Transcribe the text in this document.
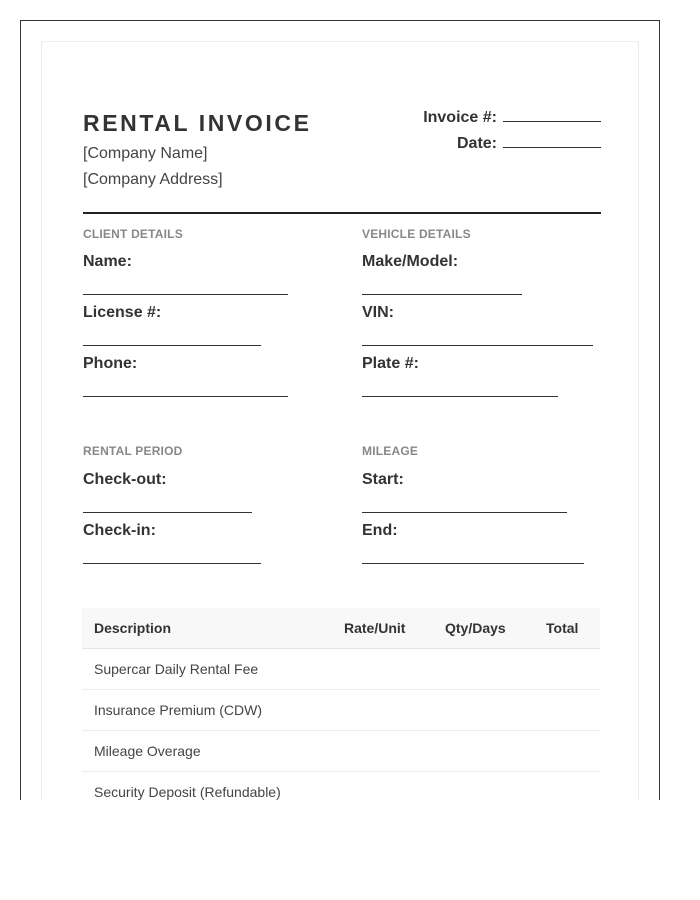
RENTAL INVOICE
[Company Name]
[Company Address]
Invoice #:
Date:
CLIENT DETAILS
Name:
License #:
Phone:
VEHICLE DETAILS
Make/Model:
VIN:
Plate #:
RENTAL PERIOD
Check-out:
Check-in:
MILEAGE
Start:
End:
Description	Rate/Unit	Qty/Days	Total
Supercar Daily Rental Fee
Insurance Premium (CDW)
Mileage Overage
Security Deposit (Refundable)
